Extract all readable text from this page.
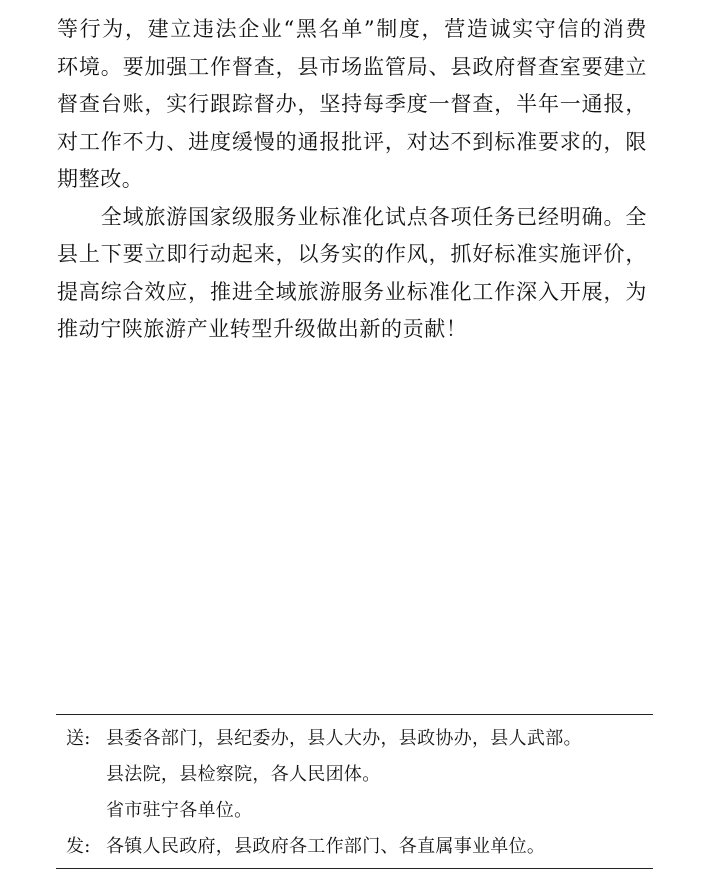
等行为，建立违法企业“黑名单”制度，营造诚实守信的消费
环境。要加强工作督查，县市场监管局、县政府督查室要建立
督查台账，实行跟踪督办，坚持每季度一督查，半年一通报，
对工作不力、进度缓慢的通报批评，对达不到标准要求的，限
期整改。
　　全域旅游国家级服务业标准化试点各项任务已经明确。全
县上下要立即行动起来，以务实的作风，抓好标准实施评价，
提高综合效应，推进全域旅游服务业标准化工作深入开展，为
推动宁陕旅游产业转型升级做出新的贡献！
送: 县委各部门，县纪委办，县人大办，县政协办，县人武部。
县法院，县检察院，各人民团体。
省市驻宁各单位。
发: 各镇人民政府，县政府各工作部门、各直属事业单位。
